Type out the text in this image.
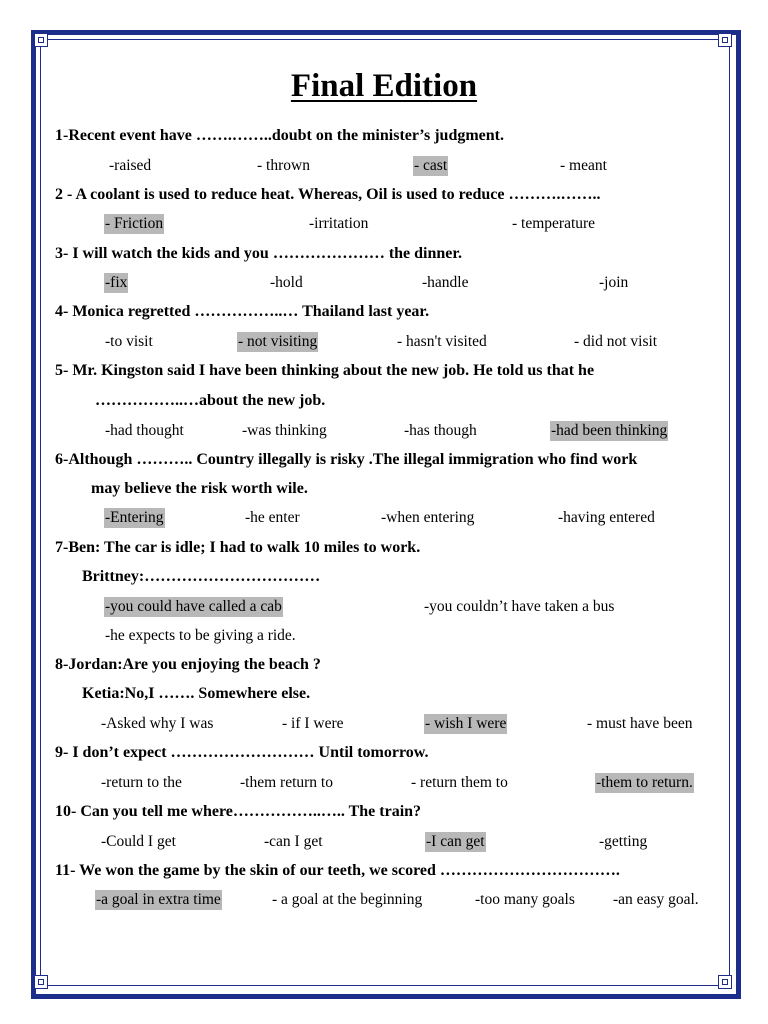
Final Edition
1-Recent event have …….……..doubt on the minister’s judgment.
-raised	- thrown	- cast	- meant
2 - A coolant is used to reduce heat. Whereas, Oil is used to reduce ……….……..
- Friction	-irritation	- temperature
3- I will watch the kids and you ………………… the dinner.
-fix	-hold	-handle	-join
4- Monica regretted ……………..… Thailand last year.
-to visit	- not visiting	- hasn't visited	- did not visit
5- Mr. Kingston said I have been thinking about the new job. He told us that he
……………..…about the new job.
-had thought	-was thinking	-has though	-had been thinking
6-Although ……….. Country illegally is risky .The illegal immigration who find work
may believe the risk worth wile.
-Entering	-he enter	-when entering	-having entered
7-Ben: The car is idle; I had to walk 10 miles to work.
Brittney:……………………………
-you could have called a cab	-you couldn’t have taken a bus
-he expects to be giving a ride.
8-Jordan:Are you enjoying the beach ?
Ketia:No,I ……. Somewhere else.
-Asked why I was	- if I were	- wish I were	- must have been
9- I don’t expect ……………………… Until tomorrow.
-return to the	-them return to	- return them to	-them to return.
10- Can you tell me where……………..….. The train?
-Could I get	-can I get	-I can get	-getting
11- We won the game by the skin of our teeth, we scored …………………………….
-a goal in extra time	- a goal at the beginning	-too many goals -an easy goal.
